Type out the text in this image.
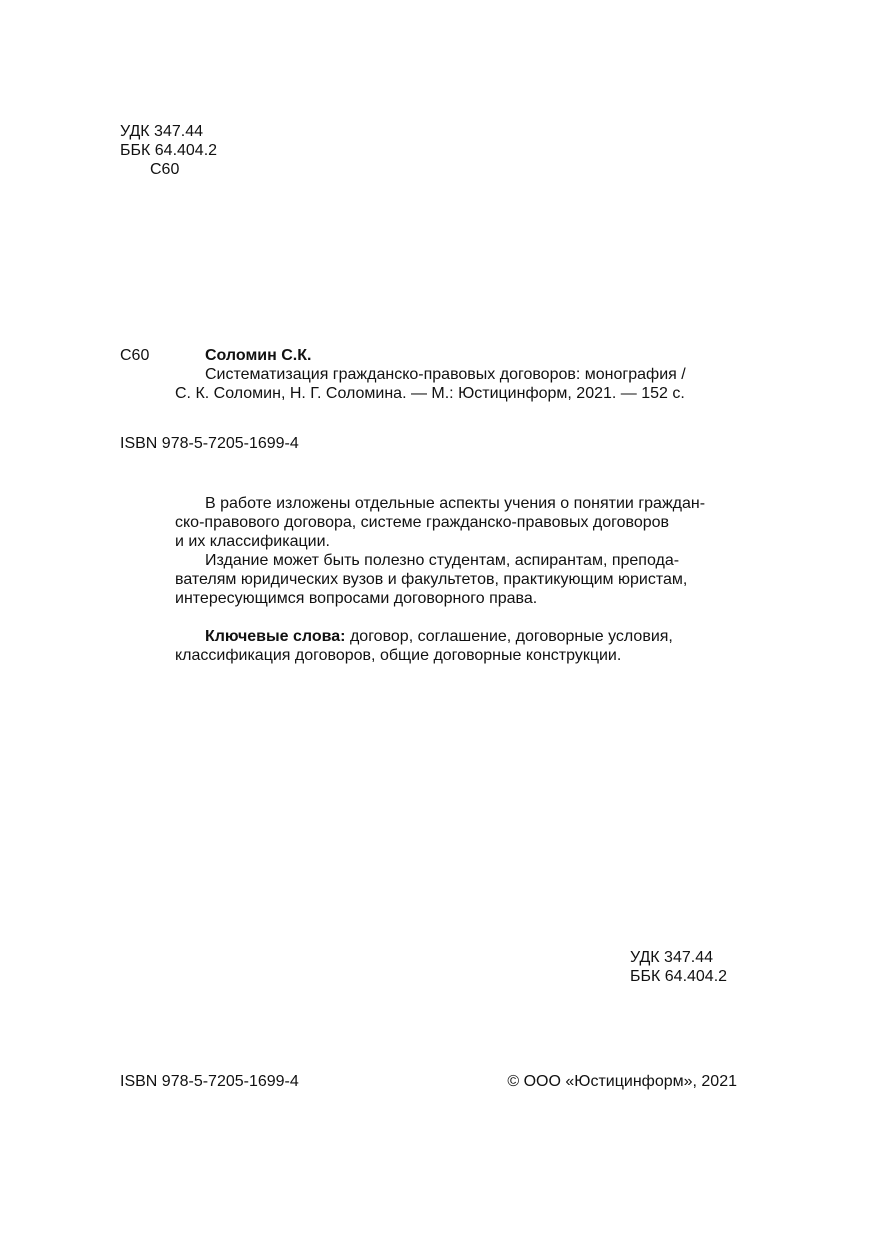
УДК 347.44
ББК 64.404.2
С60
С60	Соломин С.К.
Систематизация гражданско-правовых договоров: монография /
С. К. Соломин, Н. Г. Соломина. — М.: Юстицинформ, 2021. — 152 с.
ISBN 978-5-7205-1699-4
В работе изложены отдельные аспекты учения о понятии граждан-
ско-правового договора, системе гражданско-правовых договоров
и их классификации.
Издание может быть полезно студентам, аспирантам, препода-
вателям юридических вузов и факультетов, практикующим юристам,
интересующимся вопросами договорного права.
Ключевые слова: договор, соглашение, договорные условия,
классификация договоров, общие договорные конструкции.
УДК 347.44
ББК 64.404.2
ISBN 978-5-7205-1699-4	© ООО «Юстицинформ», 2021
